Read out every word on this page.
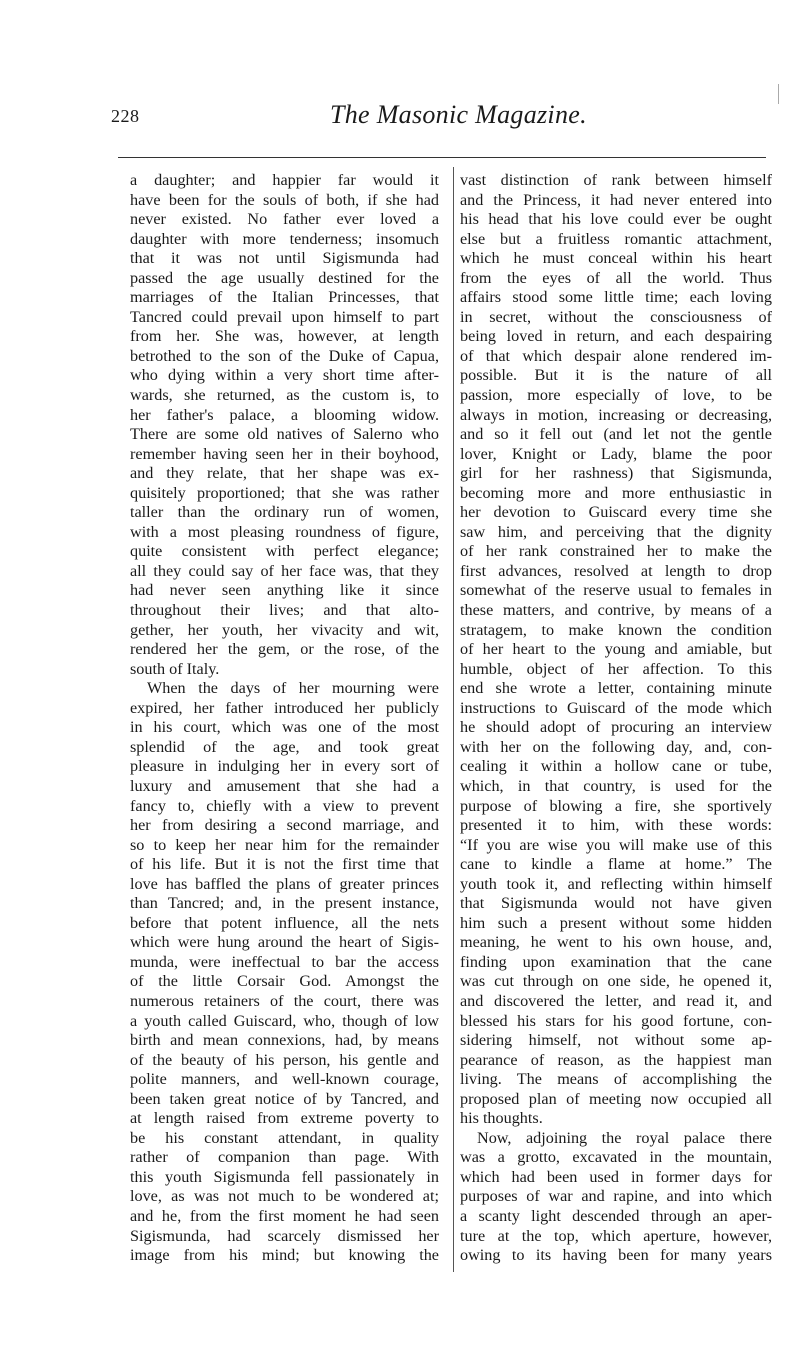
228	The Masonic Magazine.
a daughter; and happier far would it
have been for the souls of both, if she had
never existed. No father ever loved a
daughter with more tenderness; insomuch
that it was not until Sigismunda had
passed the age usually destined for the
marriages of the Italian Princesses, that
Tancred could prevail upon himself to part
from her. She was, however, at length
betrothed to the son of the Duke of Capua,
who dying within a very short time after-
wards, she returned, as the custom is, to
her father's palace, a blooming widow.
There are some old natives of Salerno who
remember having seen her in their boyhood,
and they relate, that her shape was ex-
quisitely proportioned; that she was rather
taller than the ordinary run of women,
with a most pleasing roundness of figure,
quite consistent with perfect elegance;
all they could say of her face was, that they
had never seen anything like it since
throughout their lives; and that alto-
gether, her youth, her vivacity and wit,
rendered her the gem, or the rose, of the
south of Italy.
When the days of her mourning were
expired, her father introduced her publicly
in his court, which was one of the most
splendid of the age, and took great
pleasure in indulging her in every sort of
luxury and amusement that she had a
fancy to, chiefly with a view to prevent
her from desiring a second marriage, and
so to keep her near him for the remainder
of his life. But it is not the first time that
love has baffled the plans of greater princes
than Tancred; and, in the present instance,
before that potent influence, all the nets
which were hung around the heart of Sigis-
munda, were ineffectual to bar the access
of the little Corsair God. Amongst the
numerous retainers of the court, there was
a youth called Guiscard, who, though of low
birth and mean connexions, had, by means
of the beauty of his person, his gentle and
polite manners, and well-known courage,
been taken great notice of by Tancred, and
at length raised from extreme poverty to
be his constant attendant, in quality
rather of companion than page. With
this youth Sigismunda fell passionately in
love, as was not much to be wondered at;
and he, from the first moment he had seen
Sigismunda, had scarcely dismissed her
image from his mind; but knowing the
vast distinction of rank between himself
and the Princess, it had never entered into
his head that his love could ever be ought
else but a fruitless romantic attachment,
which he must conceal within his heart
from the eyes of all the world. Thus
affairs stood some little time; each loving
in secret, without the consciousness of
being loved in return, and each despairing
of that which despair alone rendered im-
possible. But it is the nature of all
passion, more especially of love, to be
always in motion, increasing or decreasing,
and so it fell out (and let not the gentle
lover, Knight or Lady, blame the poor
girl for her rashness) that Sigismunda,
becoming more and more enthusiastic in
her devotion to Guiscard every time she
saw him, and perceiving that the dignity
of her rank constrained her to make the
first advances, resolved at length to drop
somewhat of the reserve usual to females in
these matters, and contrive, by means of a
stratagem, to make known the condition
of her heart to the young and amiable, but
humble, object of her affection. To this
end she wrote a letter, containing minute
instructions to Guiscard of the mode which
he should adopt of procuring an interview
with her on the following day, and, con-
cealing it within a hollow cane or tube,
which, in that country, is used for the
purpose of blowing a fire, she sportively
presented it to him, with these words:
“If you are wise you will make use of this
cane to kindle a flame at home.” The
youth took it, and reflecting within himself
that Sigismunda would not have given
him such a present without some hidden
meaning, he went to his own house, and,
finding upon examination that the cane
was cut through on one side, he opened it,
and discovered the letter, and read it, and
blessed his stars for his good fortune, con-
sidering himself, not without some ap-
pearance of reason, as the happiest man
living. The means of accomplishing the
proposed plan of meeting now occupied all
his thoughts.
Now, adjoining the royal palace there
was a grotto, excavated in the mountain,
which had been used in former days for
purposes of war and rapine, and into which
a scanty light descended through an aper-
ture at the top, which aperture, however,
owing to its having been for many years
